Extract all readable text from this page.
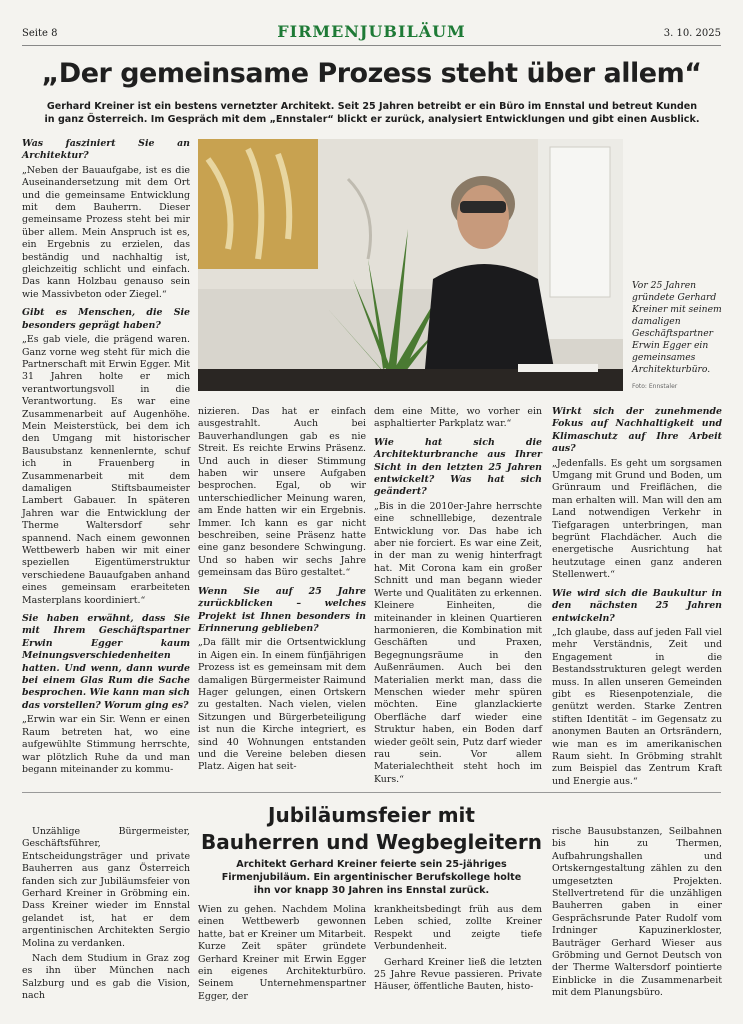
Seite 8	FIRMENJUBILÄUM	3. 10. 2025
„Der gemeinsame Prozess steht über allem“
Gerhard Kreiner ist ein bestens vernetzter Architekt. Seit 25 Jahren betreibt er ein Büro im Ennstal und betreut Kunden in ganz Österreich. Im Gespräch mit dem „Ennstaler“ blickt er zurück, analysiert Entwicklungen und gibt einen Ausblick.

Was fasziniert Sie an Architektur?

„Neben der Bauaufgabe, ist es die Auseinandersetzung mit dem Ort und die gemeinsame Entwicklung mit dem Bauherrn. Dieser gemeinsame Prozess steht bei mir über allem. Mein Anspruch ist es, ein Ergebnis zu erzielen, das beständig und nachhaltig ist, gleichzeitig schlicht und einfach. Das kann Holzbau genauso sein wie Massivbeton oder Ziegel.“

Gibt es Menschen, die Sie besonders geprägt haben?

„Es gab viele, die prägend waren. Ganz vorne weg steht für mich die Partnerschaft mit Erwin Egger. Mit 31 Jahren holte er mich verantwortungsvoll in die Verantwortung. Es war eine Zusammenarbeit auf Augenhöhe. Mein Meisterstück, bei dem ich den Umgang mit historischer Bausubstanz kennenlernte, schuf ich in Frauenberg in Zusammenarbeit mit dem damaligen Stiftsbaumeister Lambert Gabauer. In späteren Jahren war die Entwicklung der Therme Waltersdorf sehr spannend. Nach einem gewonnen Wettbewerb haben wir mit einer speziellen Eigentümerstruktur verschiedene Bauaufgaben anhand eines gemeinsam erarbeiteten Masterplans koordiniert.“

Sie haben erwähnt, dass Sie mit Ihrem Geschäftspartner Erwin Egger kaum Meinungsverschiedenheiten hatten. Und wenn, dann wurde bei einem Glas Rum die Sache besprochen. Wie kann man sich das vorstellen? Worum ging es?

„Erwin war ein Sir. Wenn er einen Raum betreten hat, wo eine aufgewühlte Stimmung herrschte, war plötzlich Ruhe da und man begann miteinander zu kommu-

Vor 25 Jahren gründete Gerhard Kreiner mit seinem damaligen Geschäftspartner Erwin Egger ein gemeinsames Architekturbüro.
Foto: Ennstaler

nizieren. Das hat er einfach ausgestrahlt. Auch bei Bauverhandlungen gab es nie Streit. Es reichte Erwins Präsenz. Und auch in dieser Stimmung haben wir unsere Aufgaben besprochen. Egal, ob wir unterschiedlicher Meinung waren, am Ende hatten wir ein Ergebnis. Immer. Ich kann es gar nicht beschreiben, seine Präsenz hatte eine ganz besondere Schwingung. Und so haben wir sechs Jahre gemeinsam das Büro gestaltet.“

Wenn Sie auf 25 Jahre zurückblicken – welches Projekt ist Ihnen besonders in Erinnerung geblieben?

„Da fällt mir die Ortsentwicklung in Aigen ein. In einem fünfjährigen Prozess ist es gemeinsam mit dem damaligen Bürgermeister Raimund Hager gelungen, einen Ortskern zu gestalten. Nach vielen, vielen Sitzungen und Bürgerbeteiligung ist nun die Kirche integriert, es sind 40 Wohnungen entstanden und die Vereine beleben diesen Platz. Aigen hat seit-

dem eine Mitte, wo vorher ein asphaltierter Parkplatz war.“

Wie hat sich die Architekturbranche aus Ihrer Sicht in den letzten 25 Jahren entwickelt? Was hat sich geändert?

„Bis in die 2010er-Jahre herrschte eine schnelllebige, dezentrale Entwicklung vor. Das habe ich aber nie forciert. Es war eine Zeit, in der man zu wenig hinterfragt hat. Mit Corona kam ein großer Schnitt und man begann wieder Werte und Qualitäten zu erkennen. Kleinere Einheiten, die miteinander in kleinen Quartieren harmonieren, die Kombination mit Geschäften und Praxen, Begegnungsräume in den Außenräumen. Auch bei den Materialien merkt man, dass die Menschen wieder mehr spüren möchten. Eine glanzlackierte Oberfläche darf wieder eine Struktur haben, ein Boden darf wieder geölt sein, Putz darf wieder rau sein. Vor allem Materialechtheit steht hoch im Kurs.“

Wirkt sich der zunehmende Fokus auf Nachhaltigkeit und Klimaschutz auf Ihre Arbeit aus?

„Jedenfalls. Es geht um sorgsamen Umgang mit Grund und Boden, um Grünraum und Freiflächen, die man erhalten will. Man will den am Land notwendigen Verkehr in Tiefgaragen unterbringen, man begrünt Flachdächer. Auch die energetische Ausrichtung hat heutzutage einen ganz anderen Stellenwert.“

Wie wird sich die Baukultur in den nächsten 25 Jahren entwickeln?

„Ich glaube, dass auf jeden Fall viel mehr Verständnis, Zeit und Engagement in die Bestandsstrukturen gelegt werden muss. In allen unseren Gemeinden gibt es Riesenpotenziale, die genützt werden. Starke Zentren stiften Identität – im Gegensatz zu anonymen Bauten an Ortsrändern, wie man es im amerikanischen Raum sieht. In Gröbming strahlt zum Beispiel das Zentrum Kraft und Energie aus.“

Jubiläumsfeier mit
Bauherren und Wegbegleitern
Architekt Gerhard Kreiner feierte sein 25-jähriges Firmenjubiläum. Ein argentinischer Berufskollege holte ihn vor knapp 30 Jahren ins Ennstal zurück.

Unzählige Bürgermeister, Geschäftsführer, Entscheidungsträger und private Bauherren aus ganz Österreich fanden sich zur Jubiläumsfeier von Gerhard Kreiner in Gröbming ein. Dass Kreiner wieder im Ennstal gelandet ist, hat er dem argentinischen Architekten Sergio Molina zu verdanken.

Nach dem Studium in Graz zog es ihn über München nach Salzburg und es gab die Vision, nach

Wien zu gehen. Nachdem Molina einen Wettbewerb gewonnen hatte, bat er Kreiner um Mitarbeit. Kurze Zeit später gründete Gerhard Kreiner mit Erwin Egger ein eigenes Architekturbüro. Seinem Unternehmenspartner Egger, der

krankheitsbedingt früh aus dem Leben schied, zollte Kreiner Respekt und zeigte tiefe Verbundenheit.

Gerhard Kreiner ließ die letzten 25 Jahre Revue passieren. Private Häuser, öffentliche Bauten, histo-

rische Bausubstanzen, Seilbahnen bis hin zu Thermen, Aufbahrungshallen und Ortskerngestaltung zählen zu den umgesetzten Projekten. Stellvertretend für die unzähligen Bauherren gaben in einer Gesprächsrunde Pater Rudolf vom Irdninger Kapuzinerkloster, Bauträger Gerhard Wieser aus Gröbming und Gernot Deutsch von der Therme Waltersdorf pointierte Einblicke in die Zusammenarbeit mit dem Planungsbüro.
